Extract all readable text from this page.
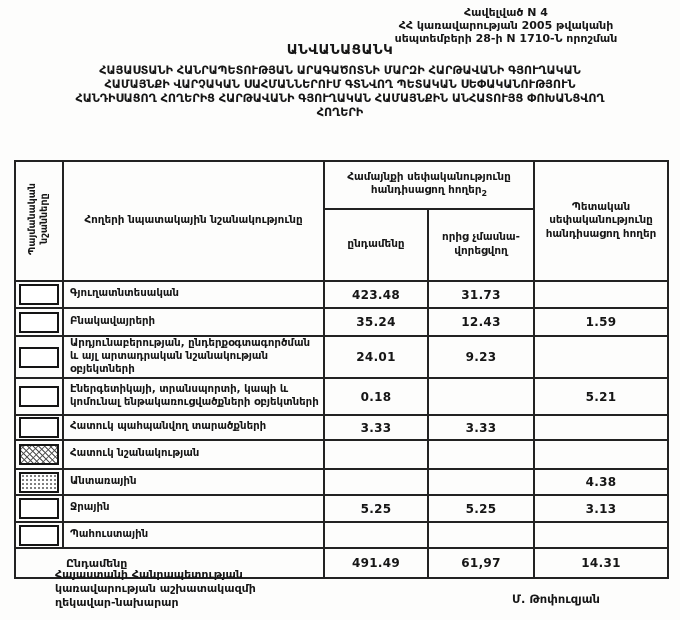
Հավելված N 4
ՀՀ կառավարության 2005 թվականի
սեպտեմբերի 28-ի N 1710-Ն որոշման
ԱՆՎԱՆԱՑԱՆԿ
ՀԱՅԱՍՏԱՆԻ ՀԱՆՐԱՊԵՏՈՒԹՅԱՆ ԱՐԱԳԱԾՈՏՆԻ ՄԱՐԶԻ ՀԱՐԹԱՎԱՆԻ ԳՅՈՒՂԱԿԱՆ
ՀԱՄԱՅՆՔԻ ՎԱՐՉԱԿԱՆ ՍԱՀՄԱՆՆԵՐՈՒՄ ԳՏՆՎՈՂ ՊԵՏԱԿԱՆ ՍԵՓԱԿԱՆՈՒԹՅՈՒՆ
ՀԱՆԴԻՍԱՑՈՂ ՀՈՂԵՐԻՑ ՀԱՐԹԱՎԱՆԻ ԳՅՈՒՂԱԿԱՆ ՀԱՄԱՅՆՔԻՆ ԱՆՀԱՏՈՒՅՑ ՓՈԽԱՆՑՎՈՂ
ՀՈՂԵՐԻ
Պայմանական նշանները	Հողերի նպատակային նշանակությունը	Համայնքի սեփականությունը հանդիսացող հողեր$_2$		Պետական սեփականությունը հանդիսացող հողեր
		ընդամենը	որից չմասնա-վորեցվող	
	Գյուղատնտեսական	423.48	31.73	
	Բնակավայրերի	35.24	12.43	1.59
	Արդյունաբերության, ընդերքօգտագործման և այլ արտադրական նշանակության օբյեկտների	24.01	9.23	
	Էներգետիկայի, տրանսպորտի, կապի և կոմունալ ենթակառուցվածքների օբյեկտների	0.18		5.21
	Հատուկ պահպանվող տարածքների	3.33	3.33	
	Հատուկ նշանակության			
	Անտառային			4.38
	Ջրային	5.25	5.25	3.13
	Պահուստային			
Ընդամենը		491.49	61,97	14.31
Հայաստանի Հանրապետության
կառավարության աշխատակազմի
ղեկավար-նախարար	Մ. Թոփուզյան
